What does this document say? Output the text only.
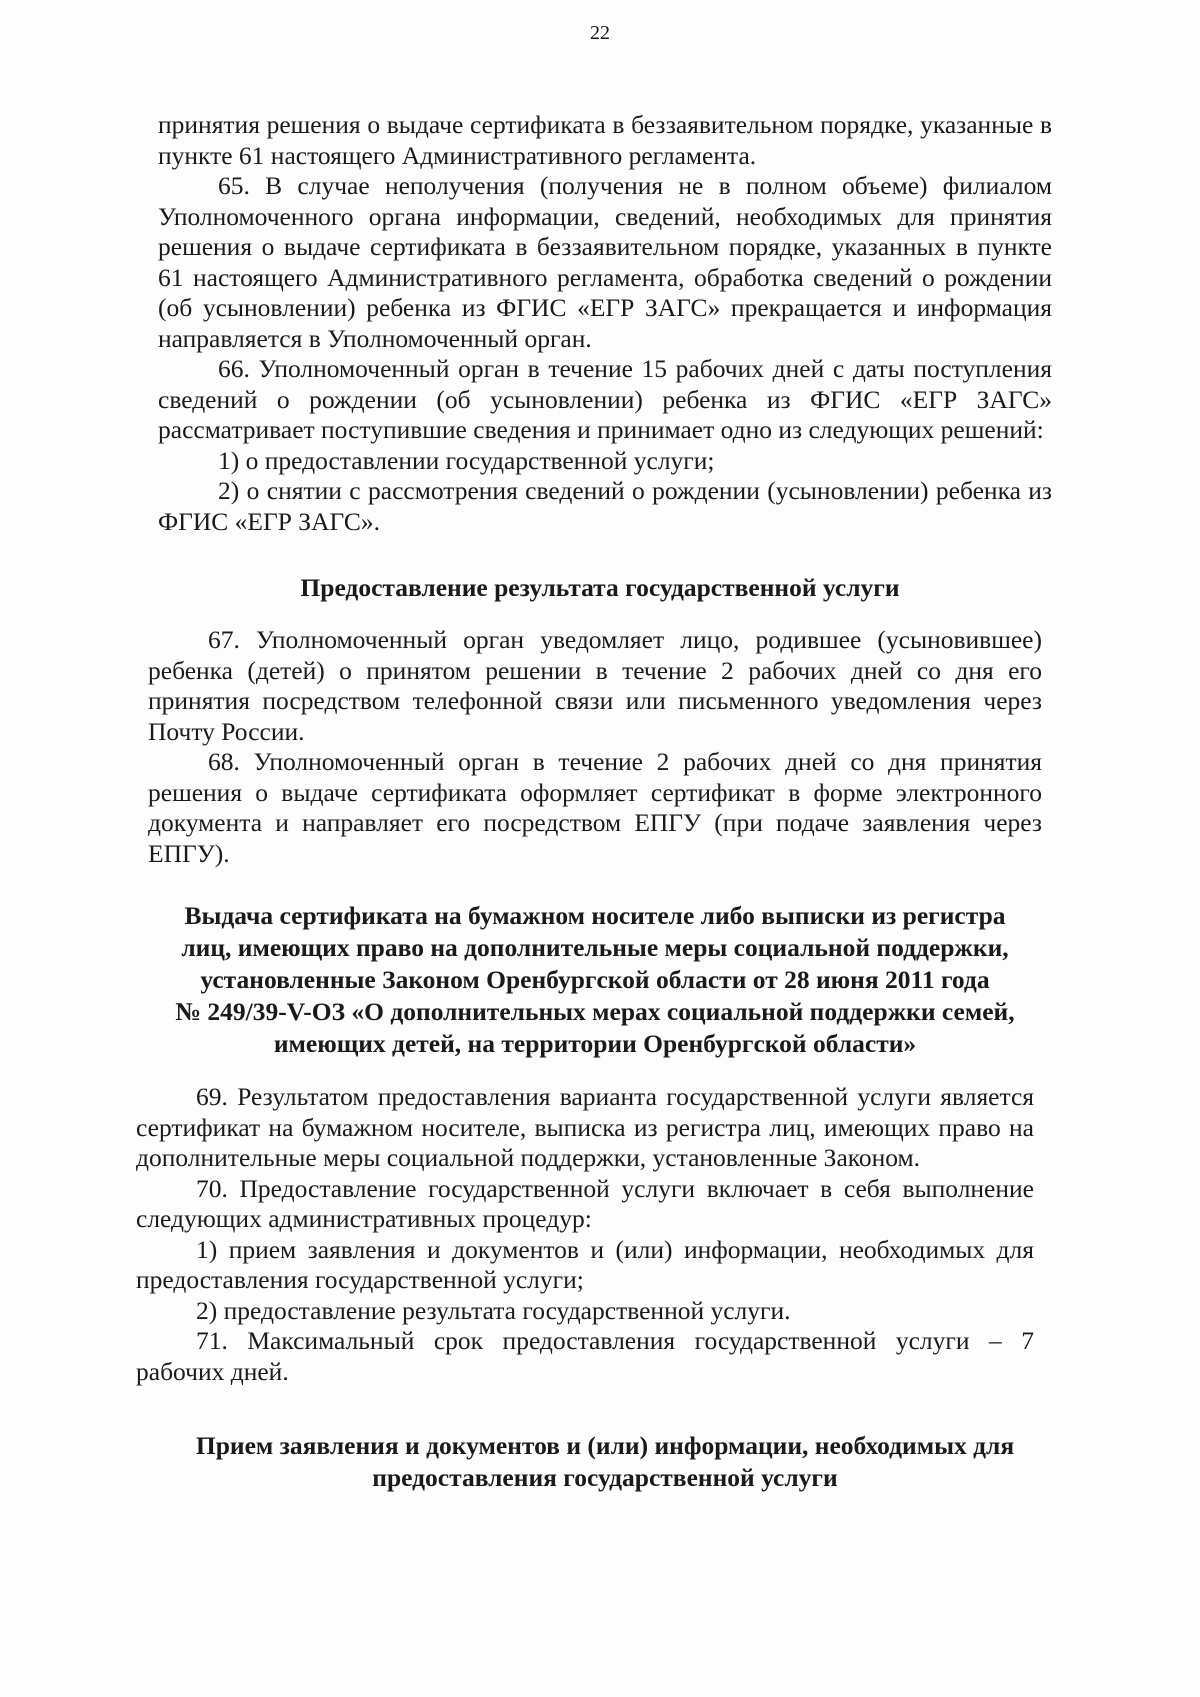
22

принятия решения о выдаче сертификата в беззаявительном порядке, указанные в пункте 61 настоящего Административного регламента.

65. В случае неполучения (получения не в полном объеме) филиалом Уполномоченного органа информации, сведений, необходимых для принятия решения о выдаче сертификата в беззаявительном порядке, указанных в пункте 61 настоящего Административного регламента, обработка сведений о рождении (об усыновлении) ребенка из ФГИС «ЕГР ЗАГС» прекращается и информация направляется в Уполномоченный орган.

66. Уполномоченный орган в течение 15 рабочих дней с даты поступления сведений о рождении (об усыновлении) ребенка из ФГИС «ЕГР ЗАГС» рассматривает поступившие сведения и принимает одно из следующих решений:

1) о предоставлении государственной услуги;

2) о снятии с рассмотрения сведений о рождении (усыновлении) ребенка из ФГИС «ЕГР ЗАГС».

Предоставление результата государственной услуги

67. Уполномоченный орган уведомляет лицо, родившее (усыновившее) ребенка (детей) о принятом решении в течение 2 рабочих дней со дня его принятия посредством телефонной связи или письменного уведомления через Почту России.

68. Уполномоченный орган в течение 2 рабочих дней со дня принятия решения о выдаче сертификата оформляет сертификат в форме электронного документа и направляет его посредством ЕПГУ (при подаче заявления через ЕПГУ).

Выдача сертификата на бумажном носителе либо выписки из регистра

лиц, имеющих право на дополнительные меры социальной поддержки,

установленные Законом Оренбургской области от 28 июня 2011 года

№ 249/39-V-ОЗ «О дополнительных мерах социальной поддержки семей,

имеющих детей, на территории Оренбургской области»

69. Результатом предоставления варианта государственной услуги является сертификат на бумажном носителе, выписка из регистра лиц, имеющих право на дополнительные меры социальной поддержки, установленные Законом.

70. Предоставление государственной услуги включает в себя выполнение следующих административных процедур:

1) прием заявления и документов и (или) информации, необходимых для предоставления государственной услуги;

2) предоставление результата государственной услуги.

71. Максимальный срок предоставления государственной услуги – 7 рабочих дней.

Прием заявления и документов и (или) информации, необходимых для

предоставления государственной услуги
